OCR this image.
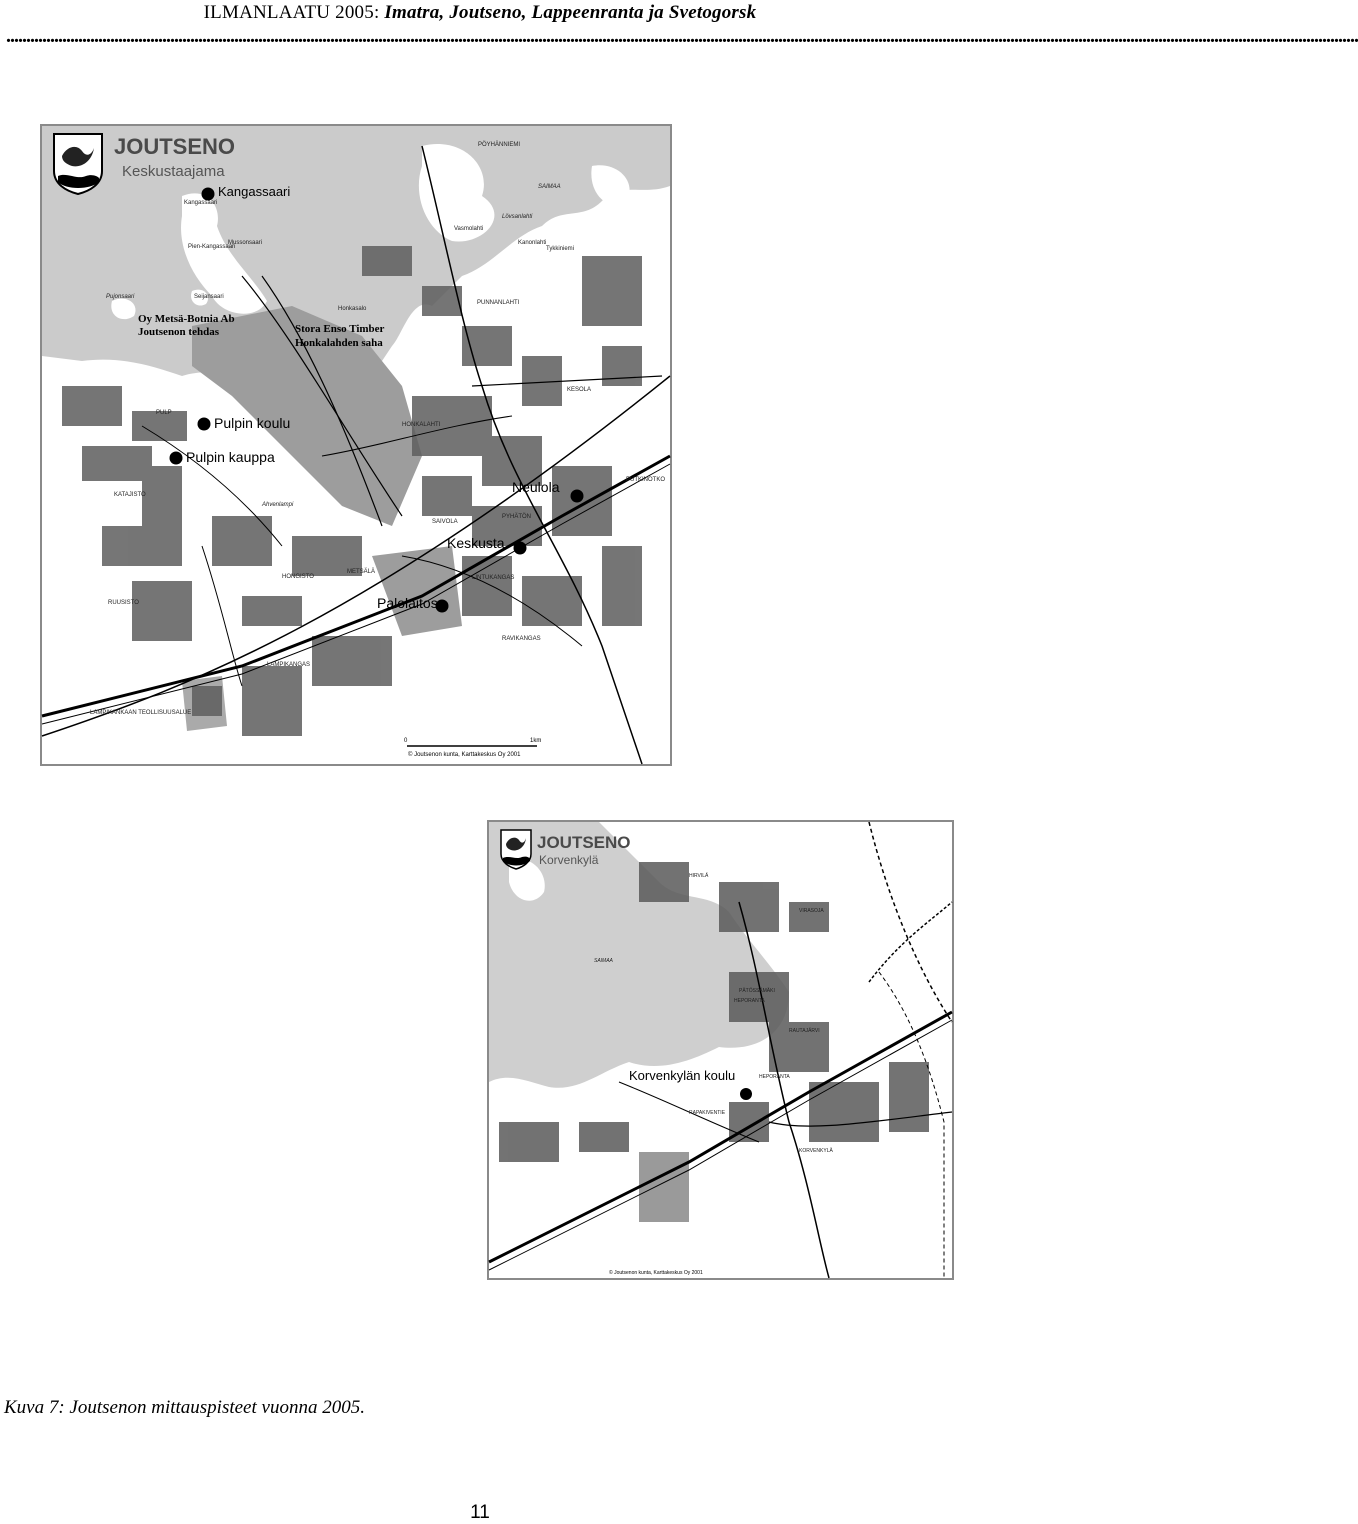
ILMANLAATU 2005: Imatra, Joutseno, Lappeenranta ja Svetogorsk
..................................................................................................................................................................................................................................................................................................................................................
JOUTSENO
Keskustaajama
Oy Metsä-Botnia Ab
Joutsenon tehdas	Stora Enso Timber
Honkalahden saha
PÖYHÄNNIEMI
SAIMAA
PUNNANLAHTI
KESOLA
HONKALAHTI
KATAJISTO
PULP
PUTKINOTKO
SAIVOLA
METSÄLÄ
LINTUKANGAS
RAVIKANGAS
HONGISTO
RUUSISTO
LAMPIKANGAS
LAMPIKANKAAN TEOLLISUUSALUE
Ahvenlampi
PYHÄTÖN
Kangassaari
Pien-Kangassaari
Pujonsaari	Seijansaari
Honkasalo
Mussonsaari
Vasmolahti
Lövsanlahti
Kanonlahti
Tykkiniemi
Kangassaari
Pulpin koulu
Pulpin kauppa
Neulola
Keskusta
Palolaitos
0	1km
© Joutsenon kunta, Karttakeskus Oy 2001
JOUTSENO
Korvenkylä
SAIMAA
HIRVILÄ
PÄTÖSSÄMÄKI
HEPORANTA
RAPAKIVENTIE
HEPORANTA
RAUTAJÄRVI
KORVENKYLÄ
VIRASOJA
Korvenkylän koulu
© Joutsenon kunta, Karttakeskus Oy 2001
Kuva 7: Joutsenon mittauspisteet vuonna 2005.
11
